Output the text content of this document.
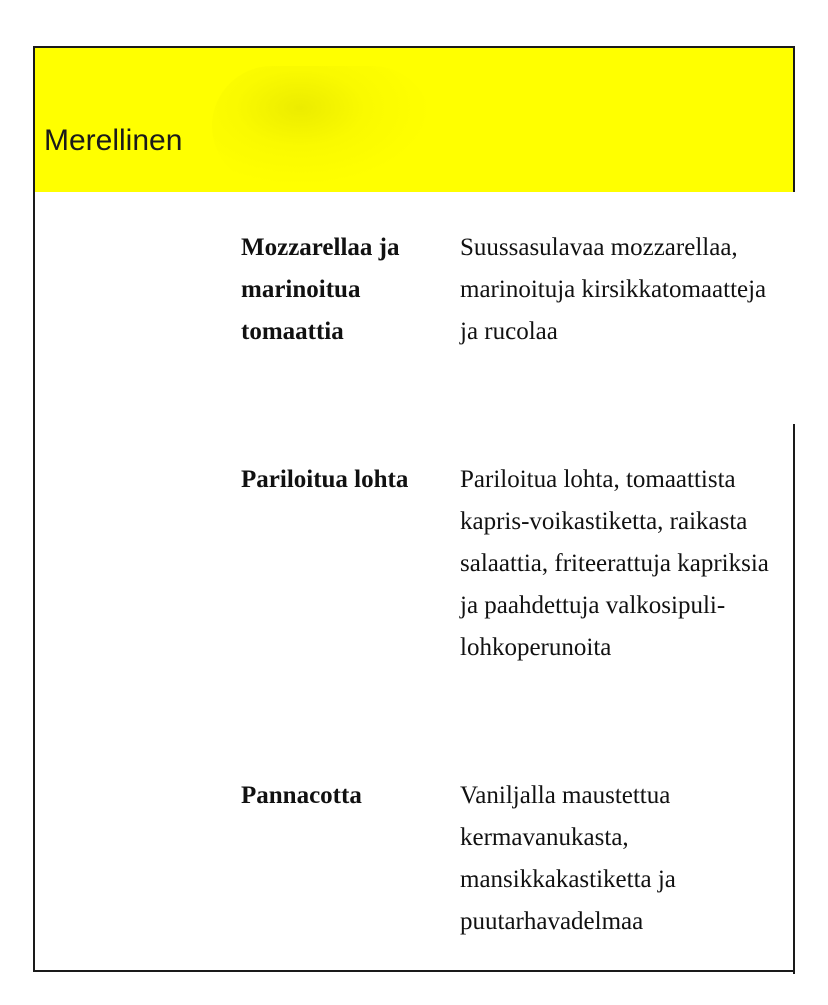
Merellinen
Mozzarellaa ja marinoitua tomaattia
Suussasulavaa mozzarellaa, marinoituja kirsikkatomaatteja ja rucolaa
Pariloitua lohta	Pariloitua lohta, tomaattista kapris-voikastiketta, raikasta salaattia, friteerattuja kapriksia ja paahdettuja valkosipuli-lohkoperunoita
Pannacotta	Vaniljalla maustettua kermavanukasta, mansikkakastiketta ja puutarhavadelmaa
